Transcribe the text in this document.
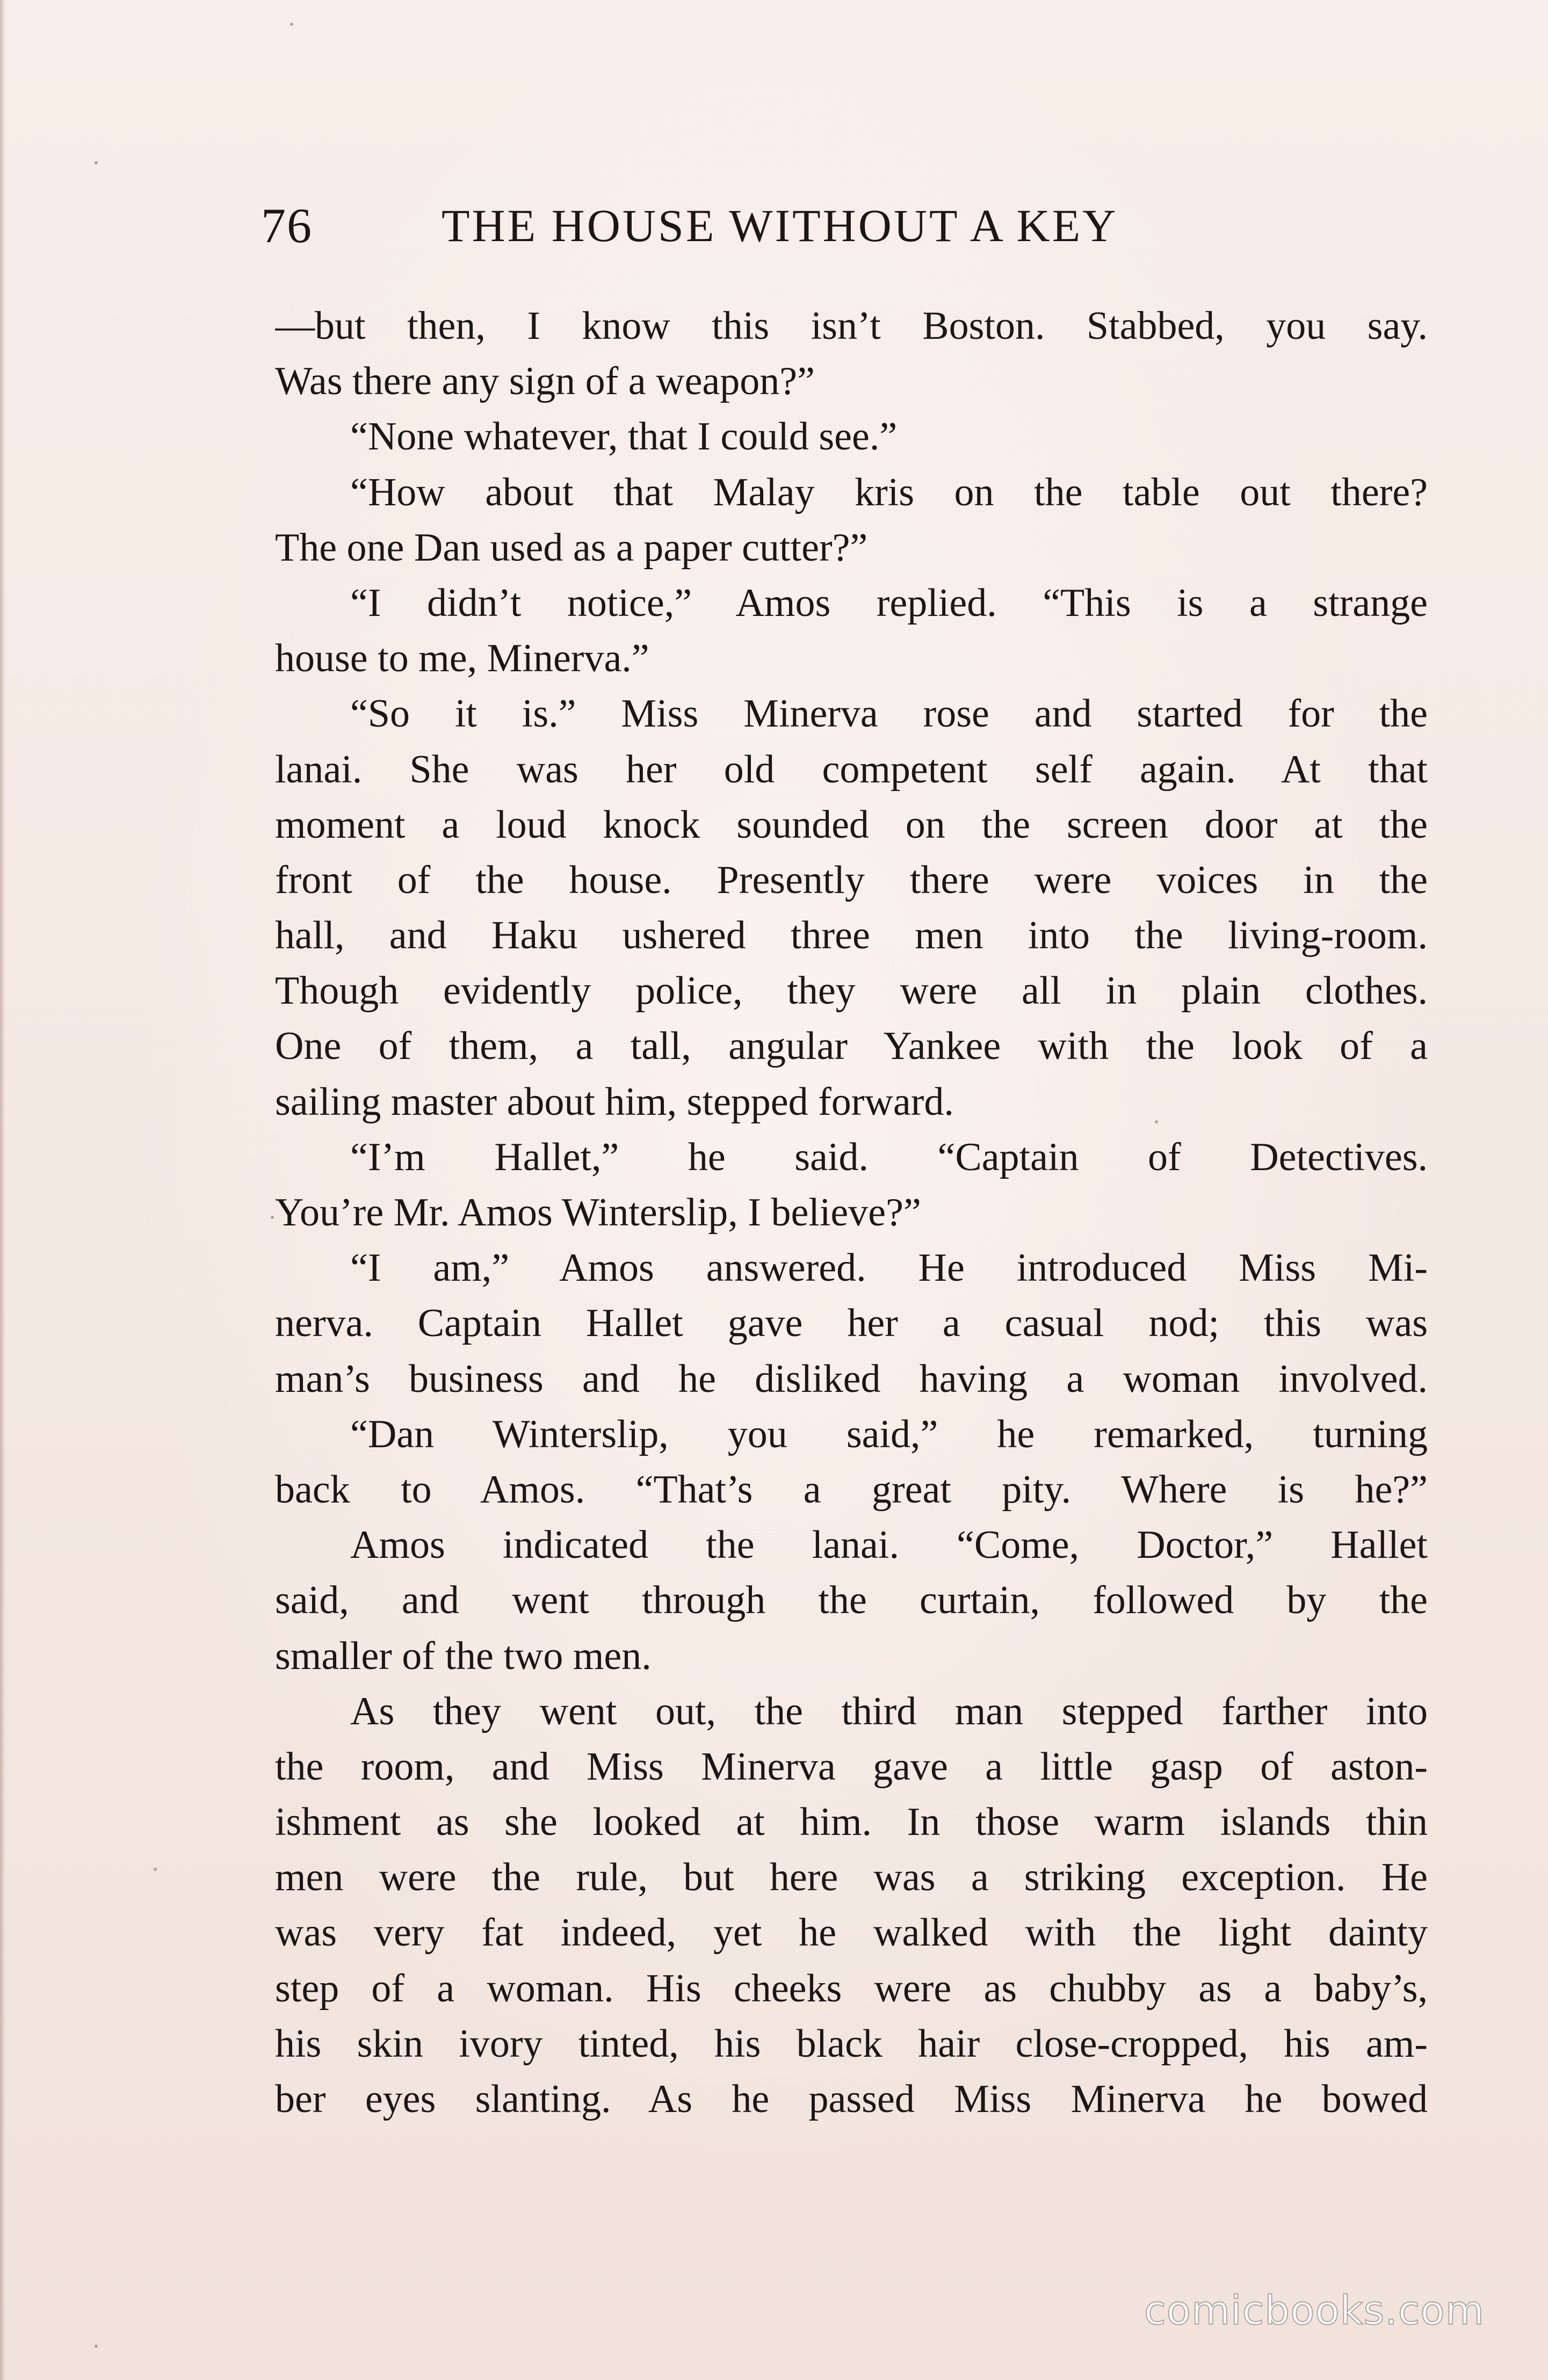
76	THE HOUSE WITHOUT A KEY
—but then, I know this isn’t Boston. Stabbed, you say.
Was there any sign of a weapon?”
“None whatever, that I could see.”
“How about that Malay kris on the table out there?
The one Dan used as a paper cutter?”
“I didn’t notice,” Amos replied. “This is a strange
house to me, Minerva.”
“So it is.” Miss Minerva rose and started for the
lanai. She was her old competent self again. At that
moment a loud knock sounded on the screen door at the
front of the house. Presently there were voices in the
hall, and Haku ushered three men into the living-room.
Though evidently police, they were all in plain clothes.
One of them, a tall, angular Yankee with the look of a
sailing master about him, stepped forward.
“I’m Hallet,” he said. “Captain of Detectives.
You’re Mr. Amos Winterslip, I believe?”
“I am,” Amos answered. He introduced Miss Mi-
nerva. Captain Hallet gave her a casual nod; this was
man’s business and he disliked having a woman involved.
“Dan Winterslip, you said,” he remarked, turning
back to Amos. “That’s a great pity. Where is he?”
Amos indicated the lanai. “Come, Doctor,” Hallet
said, and went through the curtain, followed by the
smaller of the two men.
As they went out, the third man stepped farther into
the room, and Miss Minerva gave a little gasp of aston-
ishment as she looked at him. In those warm islands thin
men were the rule, but here was a striking exception. He
was very fat indeed, yet he walked with the light dainty
step of a woman. His cheeks were as chubby as a baby’s,
his skin ivory tinted, his black hair close-cropped, his am-
ber eyes slanting. As he passed Miss Minerva he bowed
comicbooks.com
